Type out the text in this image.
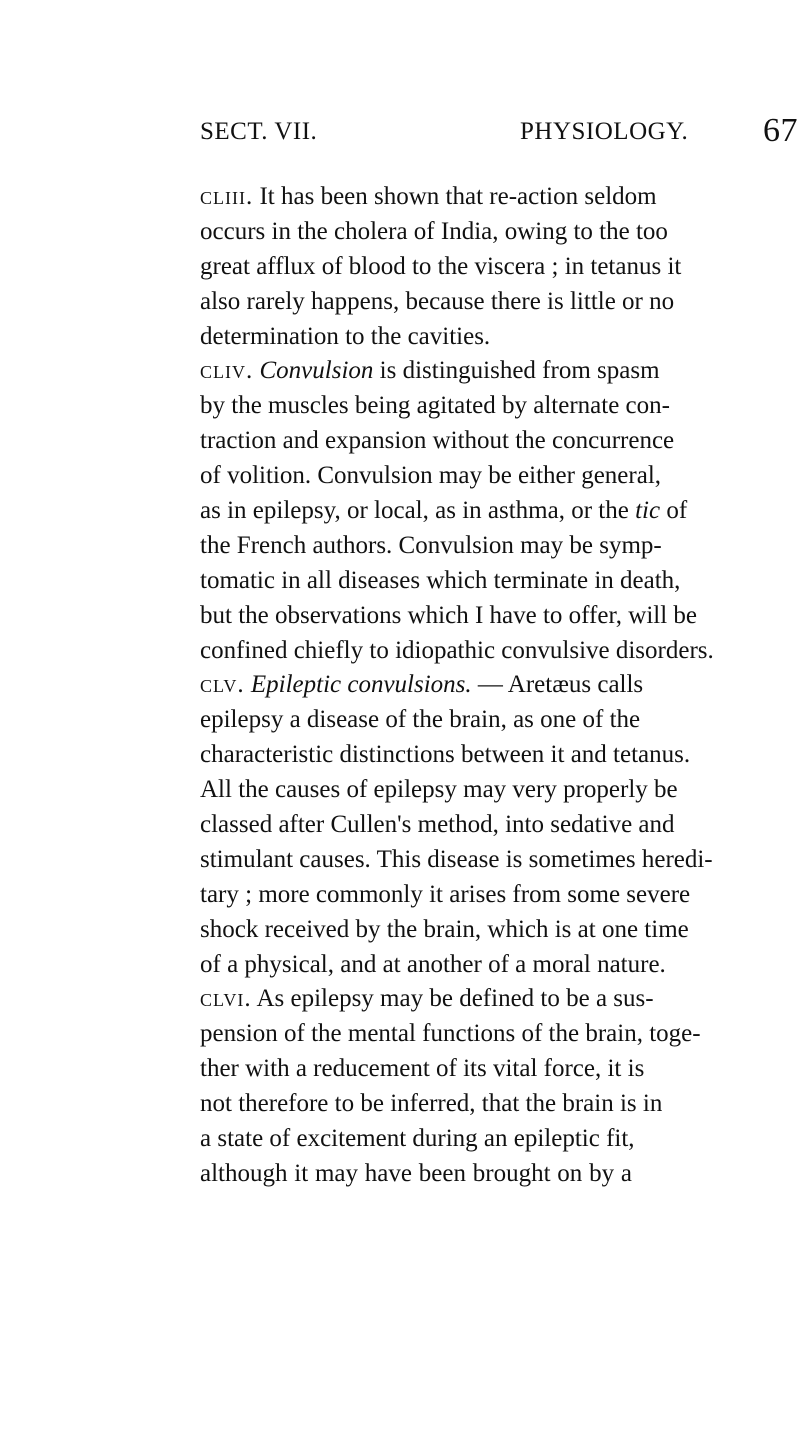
SECT. VII.	PHYSIOLOGY. 67
cliii. It has been shown that re-action seldom
occurs in the cholera of India, owing to the too
great afflux of blood to the viscera ; in tetanus it
also rarely happens, because there is little or no
determination to the cavities.
cliv. Convulsion is distinguished from spasm
by the muscles being agitated by alternate con-
traction and expansion without the concurrence
of volition. Convulsion may be either general,
as in epilepsy, or local, as in asthma, or the tic of
the French authors. Convulsion may be symp-
tomatic in all diseases which terminate in death,
but the observations which I have to offer, will be
confined chiefly to idiopathic convulsive disorders.
clv. Epileptic convulsions. — Aretæus calls
epilepsy a disease of the brain, as one of the
characteristic distinctions between it and tetanus.
All the causes of epilepsy may very properly be
classed after Cullen's method, into sedative and
stimulant causes. This disease is sometimes heredi-
tary ; more commonly it arises from some severe
shock received by the brain, which is at one time
of a physical, and at another of a moral nature.
clvi. As epilepsy may be defined to be a sus-
pension of the mental functions of the brain, toge-
ther with a reducement of its vital force, it is
not therefore to be inferred, that the brain is in
a state of excitement during an epileptic fit,
although it may have been brought on by a
